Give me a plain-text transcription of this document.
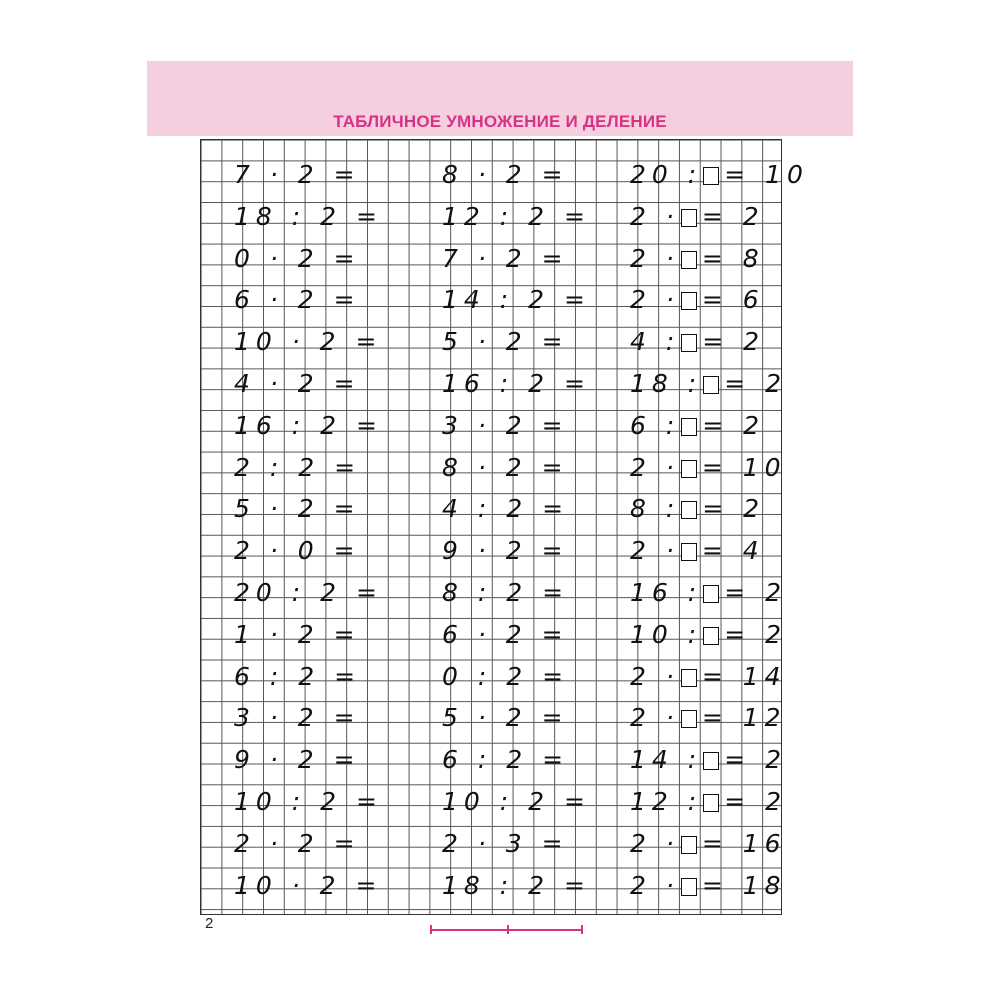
ТАБЛИЧНОЕ УМНОЖЕНИЕ И ДЕЛЕНИЕ
7 · 2 =
18 : 2 =
0 · 2 =
6 · 2 =
10 · 2 =
4 · 2 =
16 : 2 =
2 : 2 =
5 · 2 =
2 · 0 =
20 : 2 =
1 · 2 =
6 : 2 =
3 · 2 =
9 · 2 =
10 : 2 =
2 · 2 =
10 · 2 =
8 · 2 =
12 : 2 =
7 · 2 =
14 : 2 =
5 · 2 =
16 : 2 =
3 · 2 =
8 · 2 =
4 : 2 =
9 · 2 =
8 : 2 =
6 · 2 =
0 : 2 =
5 · 2 =
6 : 2 =
10 : 2 =
2 · 3 =
18 : 2 =
20 : = 10
2 · = 2
2 · = 8
2 · = 6
4 : = 2
18 : = 2
6 : = 2
2 · = 10
8 : = 2
2 · = 4
16 : = 2
10 : = 2
2 · = 14
2 · = 12
14 : = 2
12 : = 2
2 · = 16
2 · = 18
2
